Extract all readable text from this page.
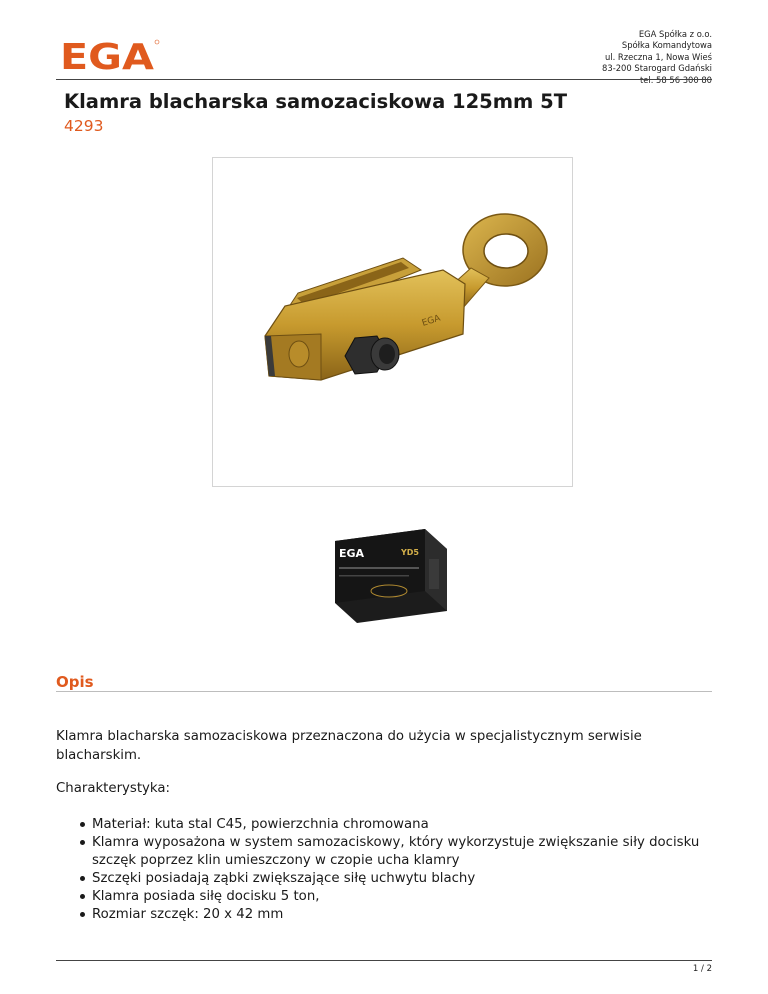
EGA
EGA Spółka z o.o.
Spółka Komandytowa
ul. Rzeczna 1, Nowa Wieś
83-200 Starogard Gdański
tel. 58 56 300 80
Klamra blacharska samozaciskowa 125mm 5T
4293
EGA
EGA	YD5
Opis

Klamra blacharska samozaciskowa przeznaczona do użycia w specjalistycznym serwisie blacharskim.

Charakterystyka:

Materiał: kuta stal C45, powierzchnia chromowana
Klamra wyposażona w system samozaciskowy, który wykorzystuje zwiększanie siły docisku szczęk poprzez klin umieszczony w czopie ucha klamry
Szczęki posiadają ząbki zwiększające siłę uchwytu blachy
Klamra posiada siłę docisku 5 ton,
Rozmiar szczęk: 20 x 42 mm
1 / 2
